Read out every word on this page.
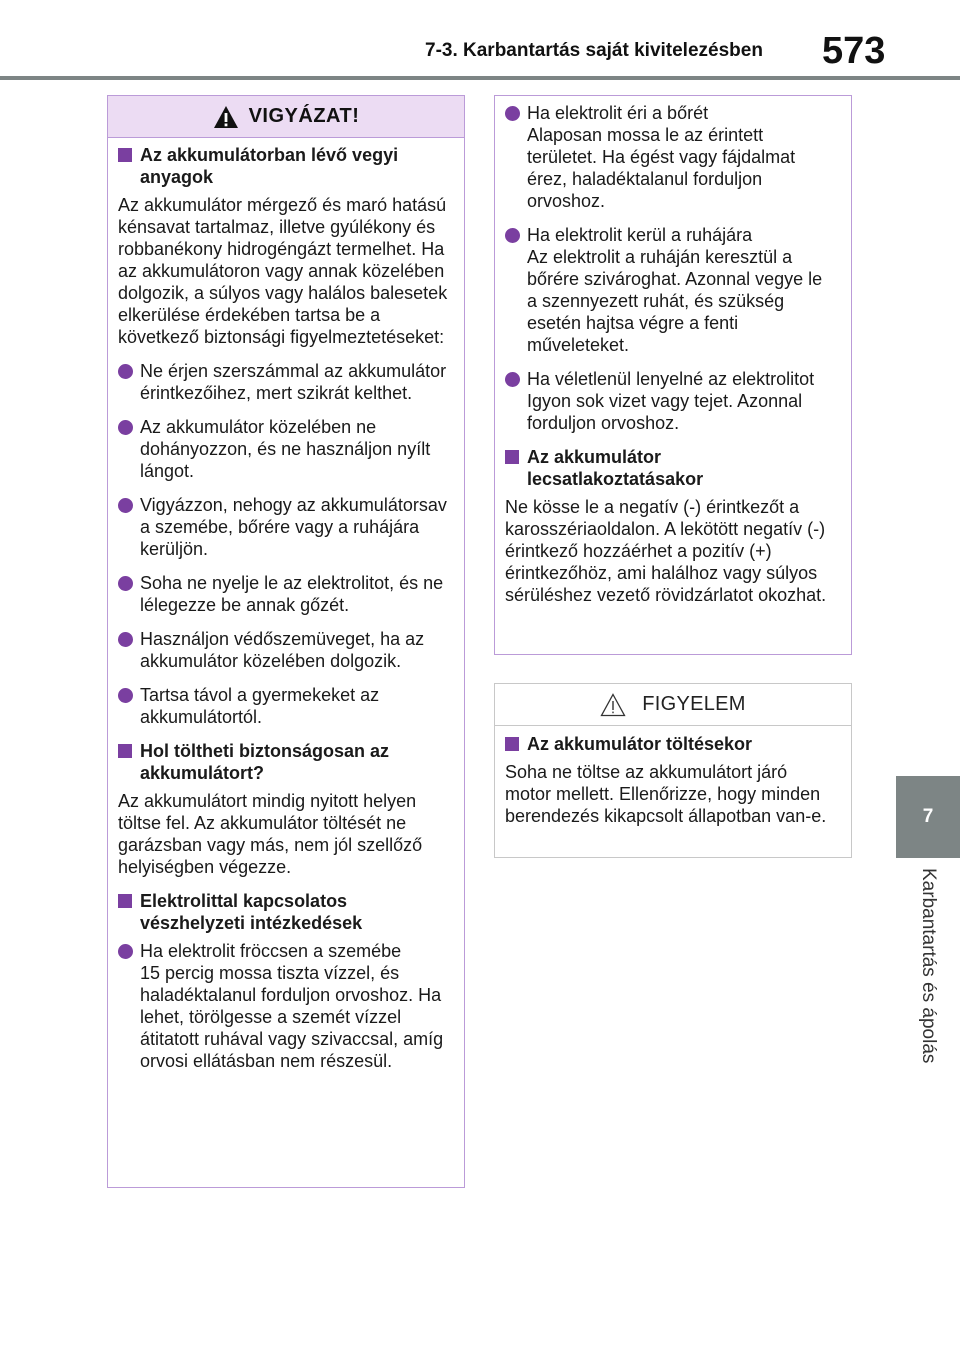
7-3. Karbantartás saját kivitelezésben 573
7
Karbantartás és ápolás
VIGYÁZAT!
Az akkumulátorban lévő vegyi anyagok

Az akkumulátor mérgező és maró hatású kénsavat tartalmaz, illetve gyúlékony és robbanékony hidrogéngázt termelhet. Ha az akkumulátoron vagy annak közelében dolgozik, a súlyos vagy halálos balesetek elkerülése érdekében tartsa be a következő biztonsági figyelmeztetéseket:

Ne érjen szerszámmal az akkumulátor érintkezőihez, mert szikrát kelthet.
Az akkumulátor közelében ne dohányozzon, és ne használjon nyílt lángot.
Vigyázzon, nehogy az akkumulátorsav a szemébe, bőrére vagy a ruhájára kerüljön.
Soha ne nyelje le az elektrolitot, és ne lélegezze be annak gőzét.
Használjon védőszemüveget, ha az akkumulátor közelében dolgozik.
Tartsa távol a gyermekeket az akkumulátortól.
Hol töltheti biztonságosan az akkumulátort?

Az akkumulátort mindig nyitott helyen töltse fel. Az akkumulátor töltését ne garázsban vagy más, nem jól szellőző helyiségben végezze.

Elektrolittal kapcsolatos vészhelyzeti intézkedések
Ha elektrolit fröccsen a szemébe
15 percig mossa tiszta vízzel, és haladéktalanul forduljon orvoshoz. Ha lehet, törölgesse a szemét vízzel átitatott ruhával vagy szivaccsal, amíg orvosi ellátásban nem részesül.
Ha elektrolit éri a bőrét
Alaposan mossa le az érintett területet. Ha égést vagy fájdalmat érez, haladéktalanul forduljon orvoshoz.
Ha elektrolit kerül a ruhájára
Az elektrolit a ruháján keresztül a bőrére szivároghat. Azonnal vegye le a szennyezett ruhát, és szükség esetén hajtsa végre a fenti műveleteket.
Ha véletlenül lenyelné az elektrolitot
Igyon sok vizet vagy tejet. Azonnal forduljon orvoshoz.
Az akkumulátor lecsatlakoztatásakor

Ne kösse le a negatív (-) érintkezőt a karosszériaoldalon. A lekötött negatív (-) érintkező hozzáérhet a pozitív (+) érintkezőhöz, ami halálhoz vagy súlyos sérüléshez vezető rövidzárlatot okozhat.

FIGYELEM
Az akkumulátor töltésekor

Soha ne töltse az akkumulátort járó motor mellett. Ellenőrizze, hogy minden berendezés kikapcsolt állapotban van-e.
